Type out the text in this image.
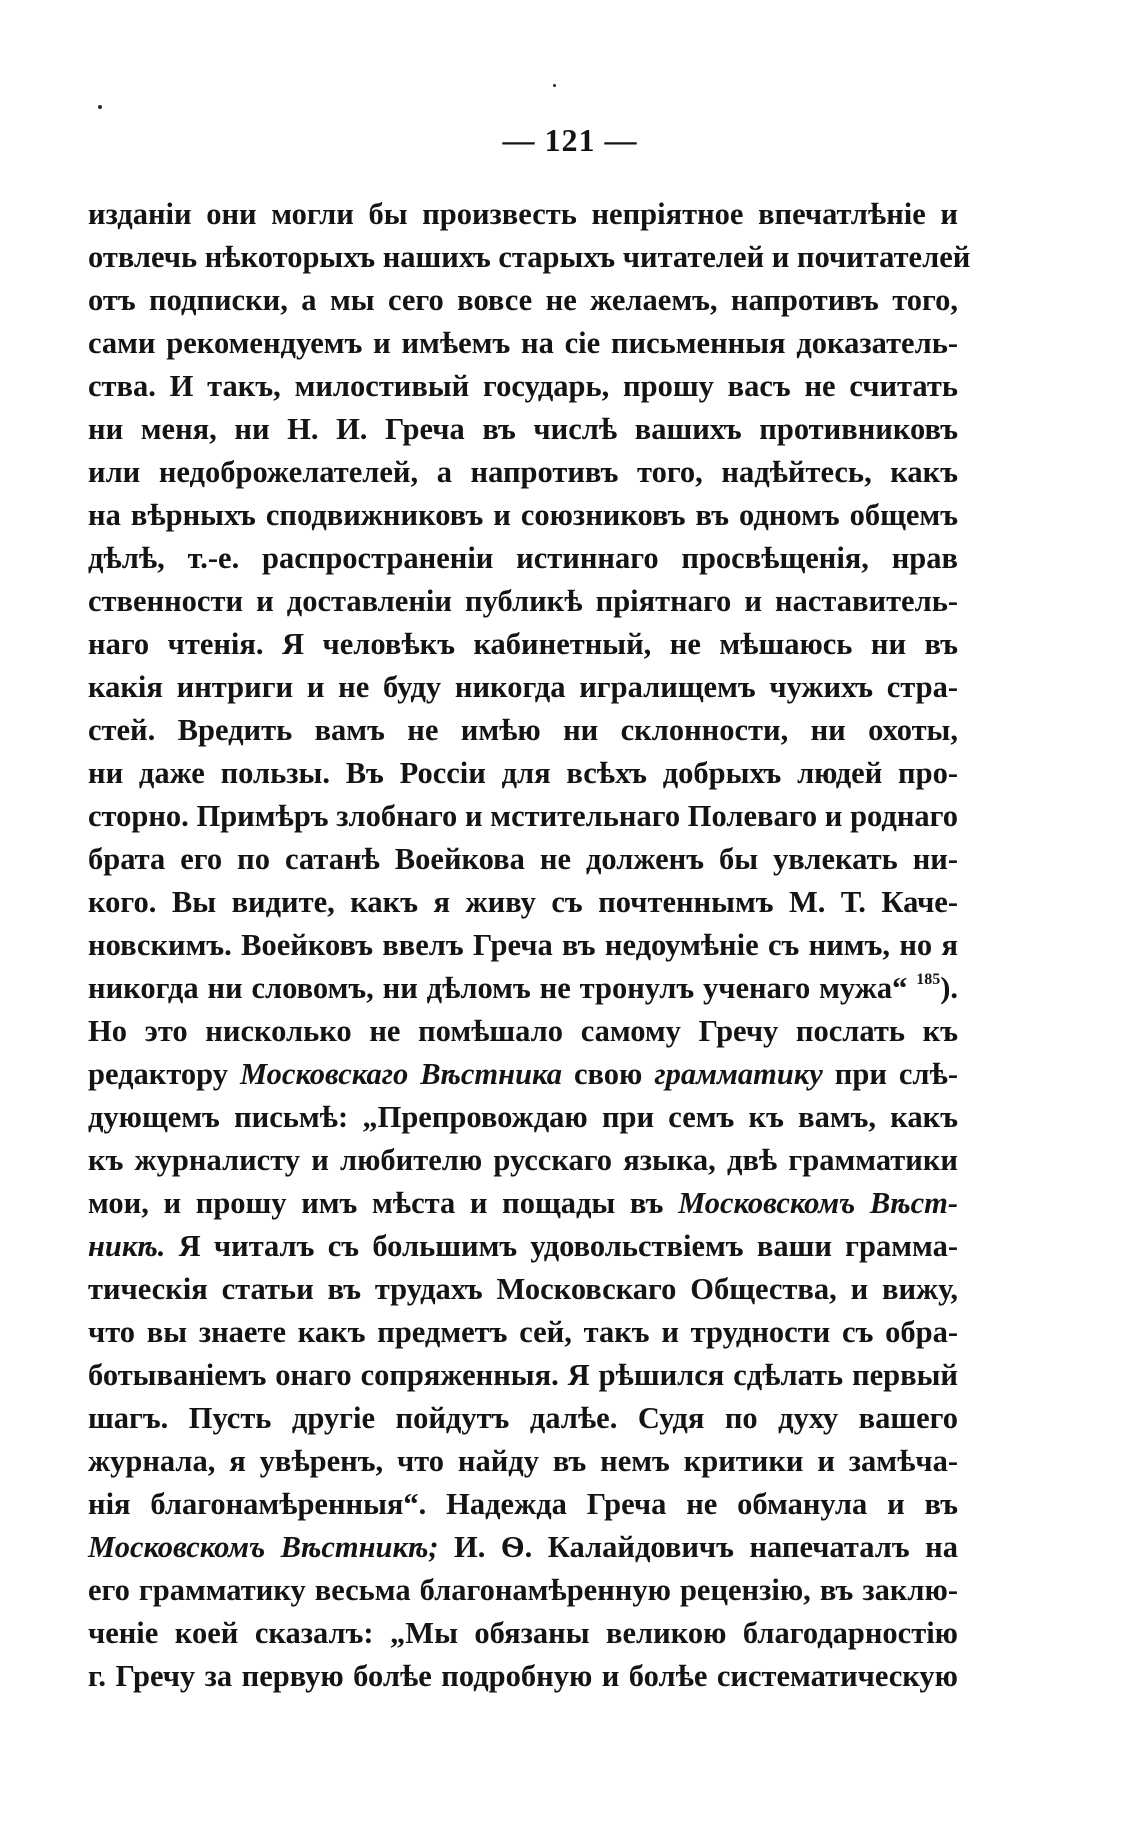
— 121 —
изданіи они могли бы произвесть непріятное впечатлѣніе и
отвлечь нѣкоторыхъ нашихъ старыхъ читателей и почитателей
отъ подписки, а мы сего вовсе не желаемъ, напротивъ того,
сами рекомендуемъ и имѣемъ на сіе письменныя доказатель-
ства. И такъ, милостивый государь, прошу васъ не считать
ни меня, ни Н. И. Греча въ числѣ вашихъ противниковъ
или недоброжелателей, а напротивъ того, надѣйтесь, какъ
на вѣрныхъ сподвижниковъ и союзниковъ въ одномъ общемъ
дѣлѣ, т.-е. распространеніи истиннаго просвѣщенія, нрав
ственности и доставленіи публикѣ пріятнаго и наставитель-
наго чтенія. Я человѣкъ кабинетный, не мѣшаюсь ни въ
какія интриги и не буду никогда игралищемъ чужихъ стра-
стей. Вредить вамъ не имѣю ни склонности, ни охоты,
ни даже пользы. Въ Россіи для всѣхъ добрыхъ людей про-
сторно. Примѣръ злобнаго и мстительнаго Полеваго и роднаго
брата его по сатанѣ Воейкова не долженъ бы увлекать ни-
кого. Вы видите, какъ я живу съ почтеннымъ М. Т. Каче-
новскимъ. Воейковъ ввелъ Греча въ недоумѣніе съ нимъ, но я
никогда ни словомъ, ни дѣломъ не тронулъ ученаго мужа“ $^{185}$).
Но это нисколько не помѣшало самому Гречу послать къ
редактору Московскаго Вѣстника свою грамматику при слѣ-
дующемъ письмѣ: „Препровождаю при семъ къ вамъ, какъ
къ журналисту и любителю русскаго языка, двѣ грамматики
мои, и прошу имъ мѣста и пощады въ Московскомъ Вѣст-
никѣ. Я читалъ съ большимъ удовольствіемъ ваши грамма-
тическія статьи въ трудахъ Московскаго Общества, и вижу,
что вы знаете какъ предметъ сей, такъ и трудности съ обра-
ботываніемъ онаго сопряженныя. Я рѣшился сдѣлать первый
шагъ. Пусть другіе пойдутъ далѣе. Судя по духу вашего
журнала, я увѣренъ, что найду въ немъ критики и замѣча-
нія благонамѣренныя“. Надежда Греча не обманула и въ
Московскомъ Вѣстникѣ; И. Ѳ. Калайдовичъ напечаталъ на
его грамматику весьма благонамѣренную рецензію, въ заклю-
ченіе коей сказалъ: „Мы обязаны великою благодарностію
г. Гречу за первую болѣе подробную и болѣе систематическую
